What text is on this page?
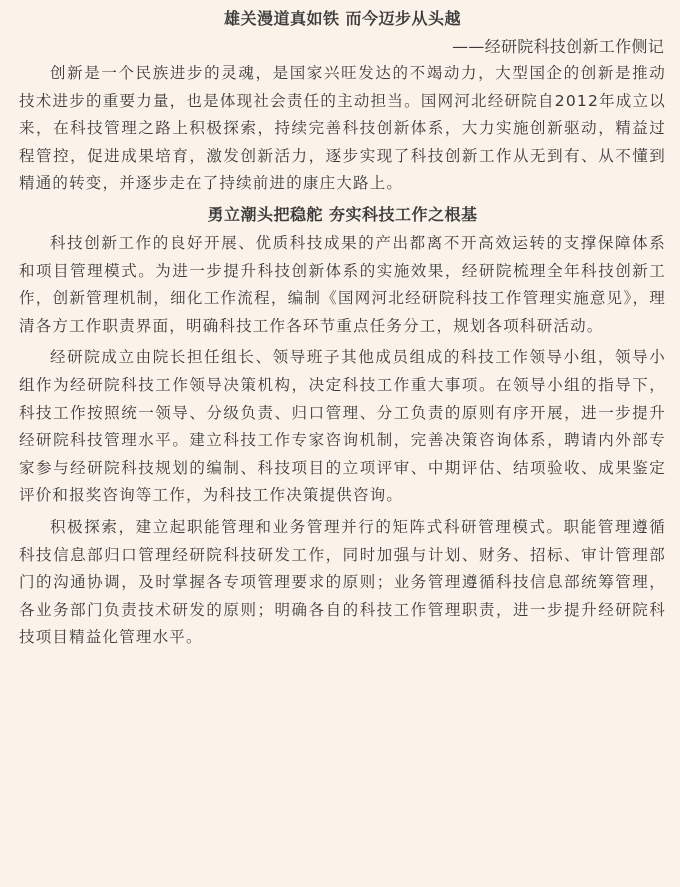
雄关漫道真如铁 而今迈步从头越
——经研院科技创新工作侧记

创新是一个民族进步的灵魂，是国家兴旺发达的不竭动力，大型国企的创新是推动技术进步的重要力量，也是体现社会责任的主动担当。国网河北经研院自2012年成立以来，在科技管理之路上积极探索，持续完善科技创新体系，大力实施创新驱动，精益过程管控，促进成果培育，激发创新活力，逐步实现了科技创新工作从无到有、从不懂到精通的转变，并逐步走在了持续前进的康庄大路上。

勇立潮头把稳舵 夯实科技工作之根基

科技创新工作的良好开展、优质科技成果的产出都离不开高效运转的支撑保障体系和项目管理模式。为进一步提升科技创新体系的实施效果，经研院梳理全年科技创新工作，创新管理机制，细化工作流程，编制《国网河北经研院科技工作管理实施意见》，理清各方工作职责界面，明确科技工作各环节重点任务分工，规划各项科研活动。

经研院成立由院长担任组长、领导班子其他成员组成的科技工作领导小组，领导小组作为经研院科技工作领导决策机构，决定科技工作重大事项。在领导小组的指导下，科技工作按照统一领导、分级负责、归口管理、分工负责的原则有序开展，进一步提升经研院科技管理水平。建立科技工作专家咨询机制，完善决策咨询体系，聘请内外部专家参与经研院科技规划的编制、科技项目的立项评审、中期评估、结项验收、成果鉴定评价和报奖咨询等工作，为科技工作决策提供咨询。

积极探索，建立起职能管理和业务管理并行的矩阵式科研管理模式。职能管理遵循科技信息部归口管理经研院科技研发工作，同时加强与计划、财务、招标、审计管理部门的沟通协调，及时掌握各专项管理要求的原则；业务管理遵循科技信息部统筹管理，各业务部门负责技术研发的原则；明确各自的科技工作管理职责，进一步提升经研院科技项目精益化管理水平。
